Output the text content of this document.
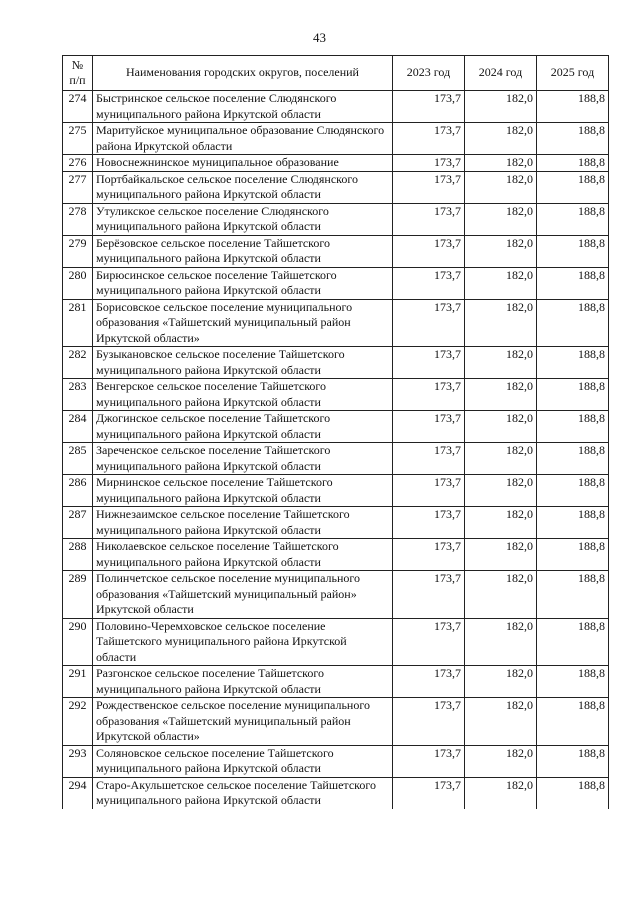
43
№ п/п	Наименования городских округов, поселений	2023 год	2024 год	2025 год
274	Быстринское сельское поселение Слюдянского муниципального района Иркутской области	173,7	182,0	188,8
275	Маритуйское муниципальное образование Слюдянского района Иркутской области	173,7	182,0	188,8
276	Новоснежнинское муниципальное образование	173,7	182,0	188,8
277	Портбайкальское сельское поселение Слюдянского муниципального района Иркутской области	173,7	182,0	188,8
278	Утуликское сельское поселение Слюдянского муниципального района Иркутской области	173,7	182,0	188,8
279	Берёзовское сельское поселение Тайшетского муниципального района Иркутской области	173,7	182,0	188,8
280	Бирюсинское сельское поселение Тайшетского муниципального района Иркутской области	173,7	182,0	188,8
281	Борисовское сельское поселение муниципального образования «Тайшетский муниципальный район Иркутской области»	173,7	182,0	188,8
282	Бузыкановское сельское поселение Тайшетского муниципального района Иркутской области	173,7	182,0	188,8
283	Венгерское сельское поселение Тайшетского муниципального района Иркутской области	173,7	182,0	188,8
284	Джогинское сельское поселение Тайшетского муниципального района Иркутской области	173,7	182,0	188,8
285	Зареченское сельское поселение Тайшетского муниципального района Иркутской области	173,7	182,0	188,8
286	Мирнинское сельское поселение Тайшетского муниципального района Иркутской области	173,7	182,0	188,8
287	Нижнезаимское сельское поселение Тайшетского муниципального района Иркутской области	173,7	182,0	188,8
288	Николаевское сельское поселение Тайшетского муниципального района Иркутской области	173,7	182,0	188,8
289	Полинчетское сельское поселение муниципального образования «Тайшетский муниципальный район» Иркутской области	173,7	182,0	188,8
290	Половино-Черемховское сельское поселение Тайшетского муниципального района Иркутской области	173,7	182,0	188,8
291	Разгонское сельское поселение Тайшетского муниципального района Иркутской области	173,7	182,0	188,8
292	Рождественское сельское поселение муниципального образования «Тайшетский муниципальный район Иркутской области»	173,7	182,0	188,8
293	Соляновское сельское поселение Тайшетского муниципального района Иркутской области	173,7	182,0	188,8
294	Старо-Акульшетское сельское поселение Тайшетского муниципального района Иркутской области	173,7	182,0	188,8
